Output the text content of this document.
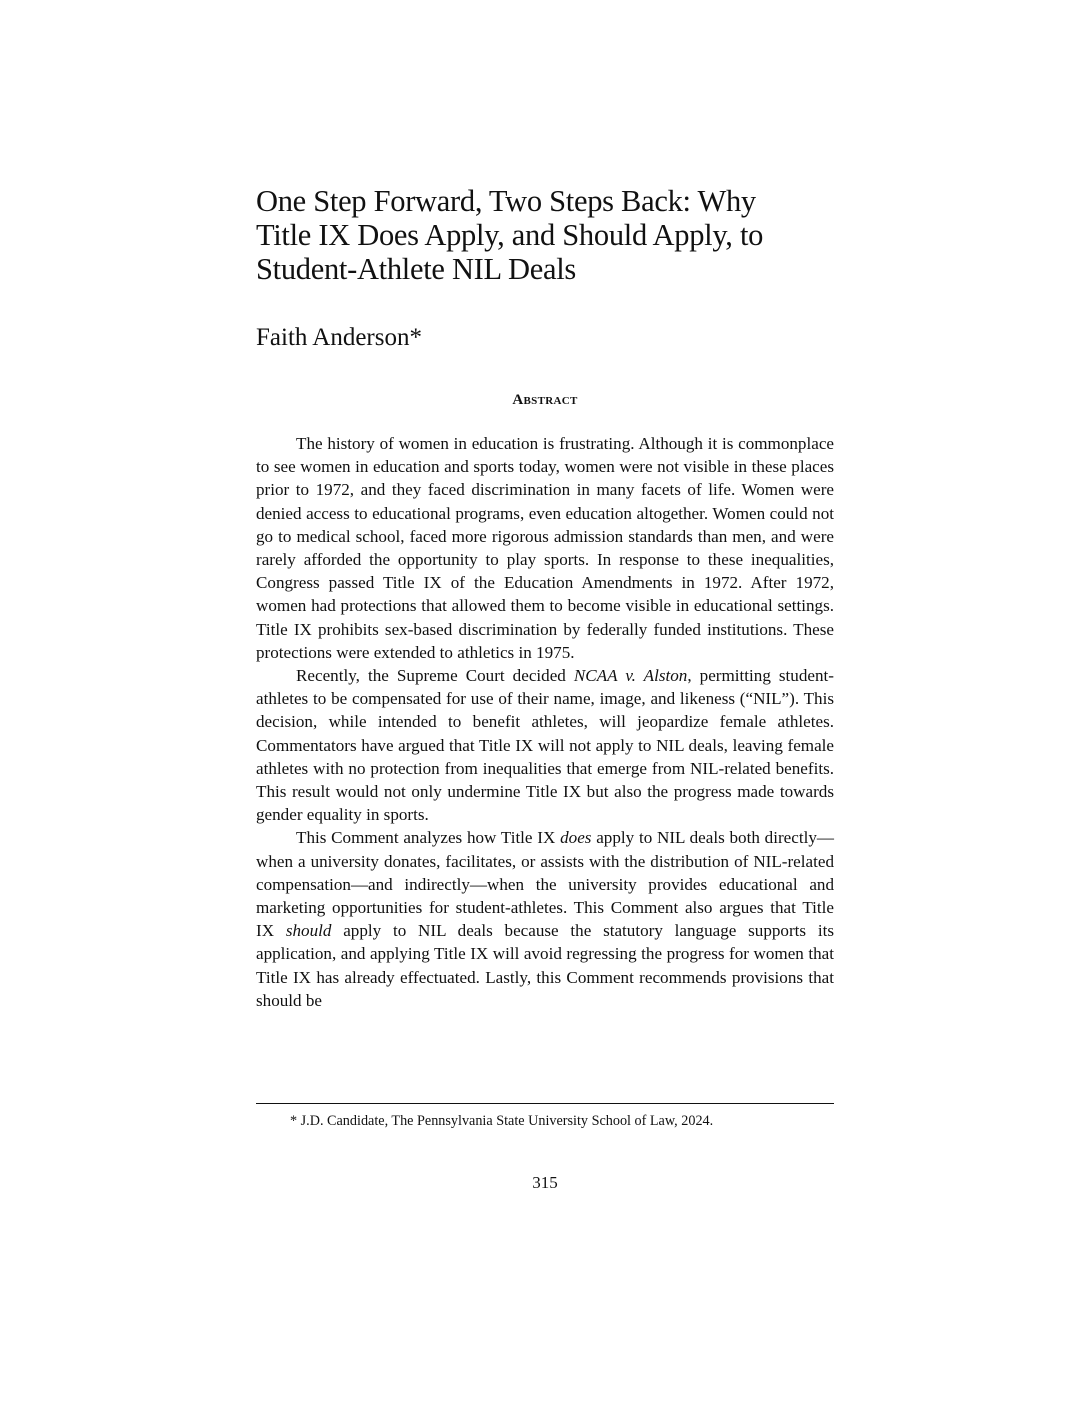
One Step Forward, Two Steps Back: Why
Title IX Does Apply, and Should Apply, to
Student-Athlete NIL Deals
Faith Anderson*
Abstract

The history of women in education is frustrating. Although it is commonplace to see women in education and sports today, women were not visible in these places prior to 1972, and they faced discrimination in many facets of life. Women were denied access to educational programs, even education altogether. Women could not go to medical school, faced more rigorous admission standards than men, and were rarely afforded the opportunity to play sports. In response to these inequalities, Congress passed Title IX of the Education Amendments in 1972. After 1972, women had protections that allowed them to become visible in educational settings. Title IX prohibits sex-based discrimination by federally funded institutions. These protections were extended to athletics in 1975.

Recently, the Supreme Court decided NCAA v. Alston, permitting student-athletes to be compensated for use of their name, image, and likeness (“NIL”). This decision, while intended to benefit athletes, will jeopardize female athletes. Commentators have argued that Title IX will not apply to NIL deals, leaving female athletes with no protection from inequalities that emerge from NIL-related benefits. This result would not only undermine Title IX but also the progress made towards gender equality in sports.

This Comment analyzes how Title IX does apply to NIL deals both directly—when a university donates, facilitates, or assists with the distribution of NIL-related compensation—and indirectly—when the university provides educational and marketing opportunities for student-athletes. This Comment also argues that Title IX should apply to NIL deals because the statutory language supports its application, and applying Title IX will avoid regressing the progress for women that Title IX has already effectuated. Lastly, this Comment recommends provisions that should be

* J.D. Candidate, The Pennsylvania State University School of Law, 2024.
315
